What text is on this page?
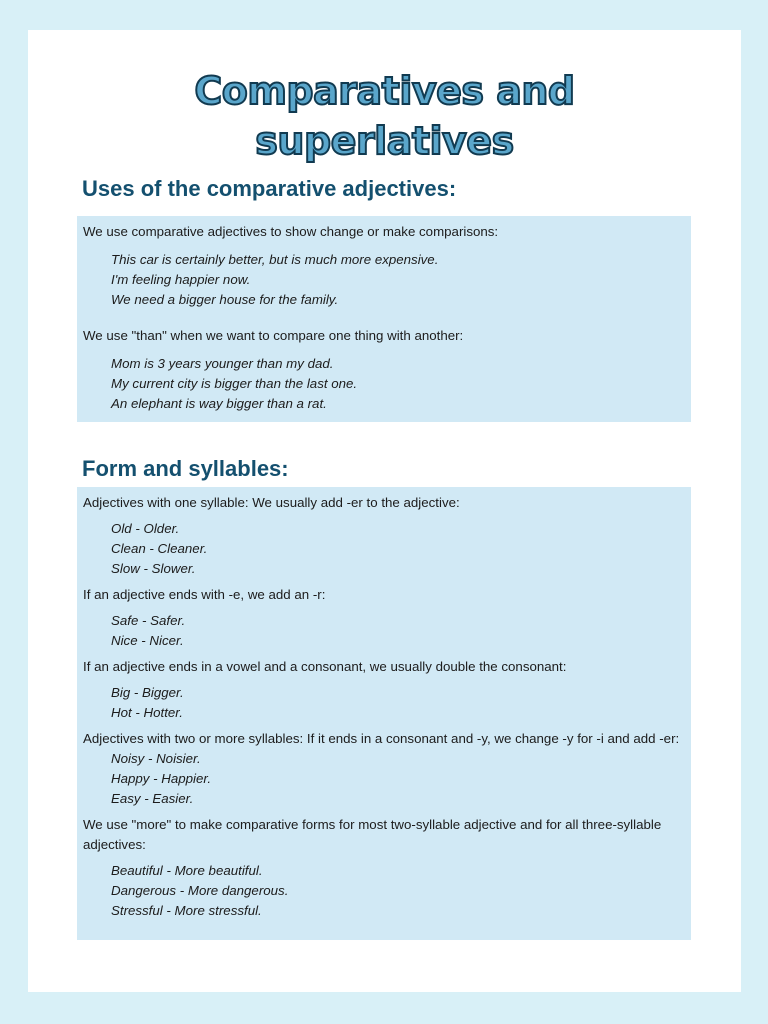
Comparatives and
superlatives
Uses of the comparative adjectives:

We use comparative adjectives to show change or make comparisons:

This car is certainly better, but is much more expensive.

I'm feeling happier now.

We need a bigger house for the family.

We use "than" when we want to compare one thing with another:

Mom is 3 years younger than my dad.

My current city is bigger than the last one.

An elephant is way bigger than a rat.

Form and syllables:

Adjectives with one syllable: We usually add -er to the adjective:

Old - Older.

Clean - Cleaner.

Slow - Slower.

If an adjective ends with -e, we add an -r:

Safe - Safer.

Nice - Nicer.

If an adjective ends in a vowel and a consonant, we usually double the consonant:

Big - Bigger.

Hot - Hotter.

Adjectives with two or more syllables: If it ends in a consonant and -y, we change -y for -i and add -er:

Noisy - Noisier.

Happy - Happier.

Easy - Easier.

We use "more" to make comparative forms for most two-syllable adjective and for all three-syllable adjectives:

Beautiful - More beautiful.

Dangerous - More dangerous.

Stressful - More stressful.
